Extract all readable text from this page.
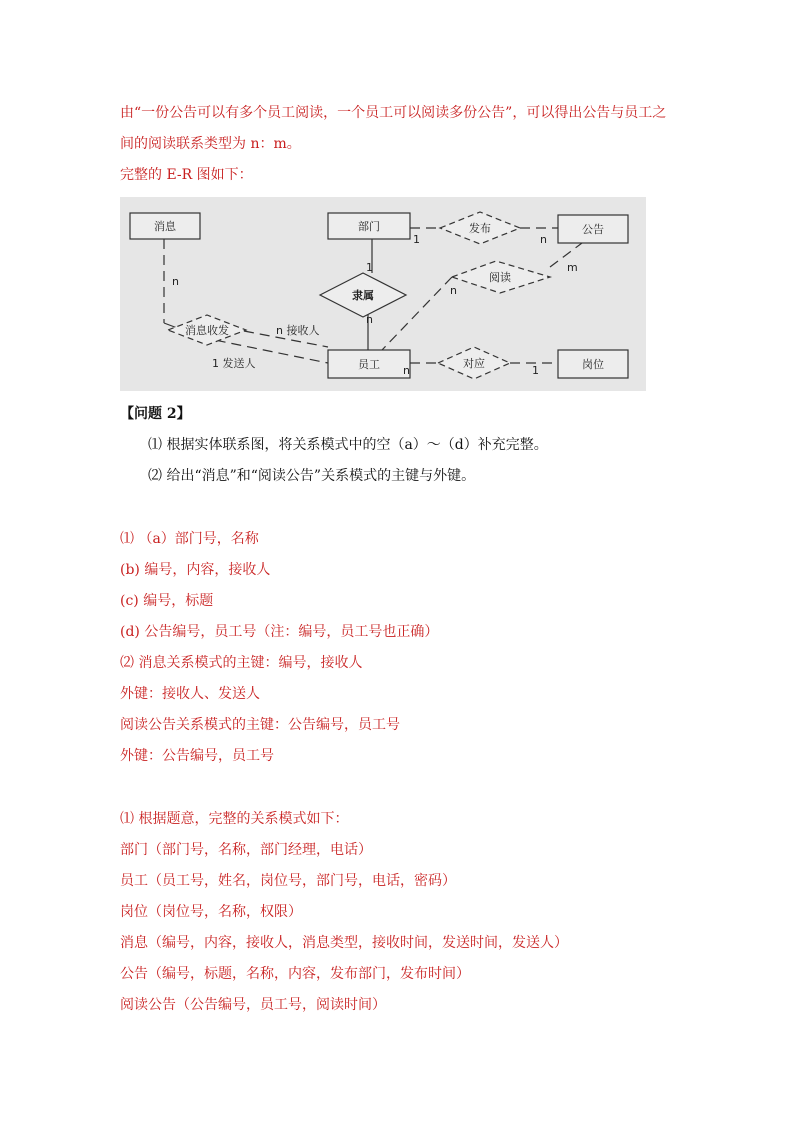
由“一份公告可以有多个员工阅读，一个员工可以阅读多份公告”，可以得出公告与员工之
间的阅读联系类型为 n：m。
完整的 E-R 图如下：
消息	部门	公告
员工	岗位
发布
隶属
阅读
消息收发
对应
1	n
1
n
m
n
n
n 接收人
1 发送人
n	1
【问题 2】
⑴ 根据实体联系图，将关系模式中的空（a）～（d）补充完整。
⑵ 给出“消息”和“阅读公告”关系模式的主键与外键。
⑴ （a）部门号，名称
(b) 编号，内容，接收人
(c) 编号，标题
(d) 公告编号，员工号（注：编号，员工号也正确）
⑵ 消息关系模式的主键：编号，接收人
外键：接收人、发送人
阅读公告关系模式的主键：公告编号，员工号
外键：公告编号，员工号
⑴ 根据题意，完整的关系模式如下：
部门（部门号，名称，部门经理，电话）
员工（员工号，姓名，岗位号，部门号，电话，密码）
岗位（岗位号，名称，权限）
消息（编号，内容，接收人，消息类型，接收时间，发送时间，发送人）
公告（编号，标题，名称，内容，发布部门，发布时间）
阅读公告（公告编号，员工号，阅读时间）
